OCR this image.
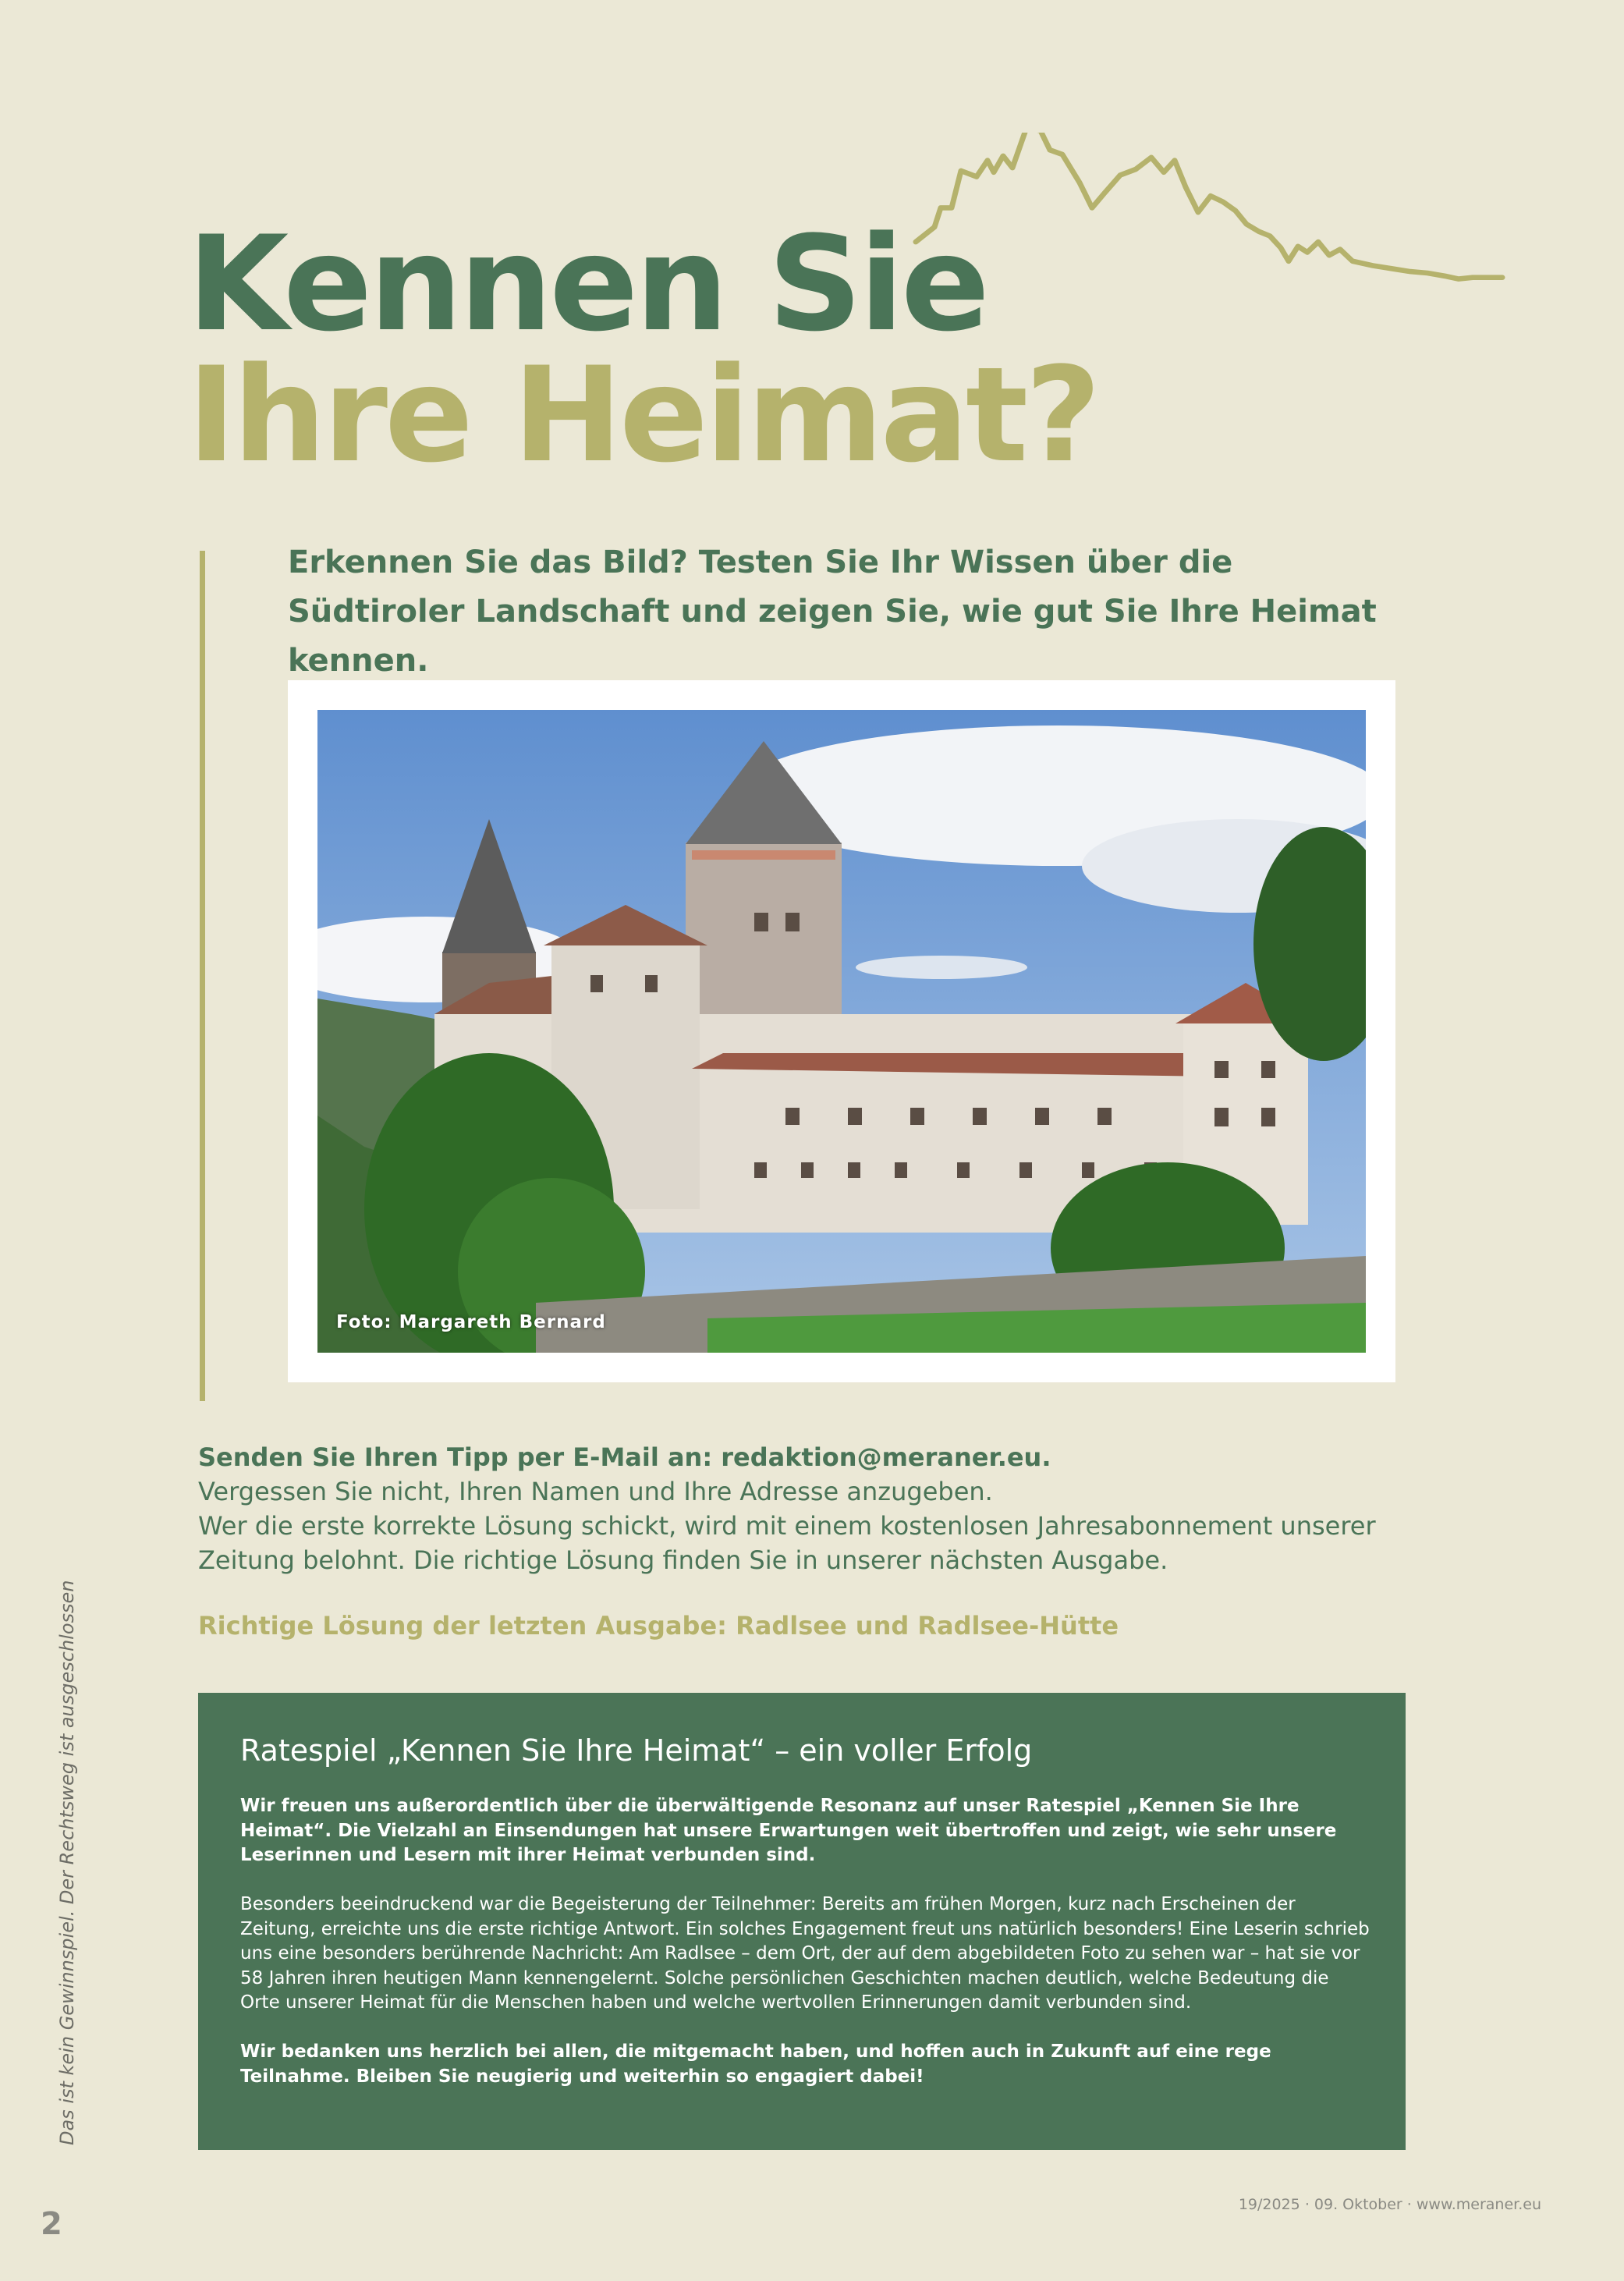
Kennen Sie
Ihre Heimat?

Erkennen Sie das Bild? Testen Sie Ihr Wissen über die Südtiroler Landschaft und zeigen Sie, wie gut Sie Ihre Heimat kennen.

Foto: Margareth Bernard

Senden Sie Ihren Tipp per E-Mail an: redaktion@meraner.eu.

Vergessen Sie nicht, Ihren Namen und Ihre Adresse anzugeben.

Wer die erste korrekte Lösung schickt, wird mit einem kostenlosen Jahresabonnement unserer Zeitung belohnt. Die richtige Lösung finden Sie in unserer nächsten Ausgabe.

Richtige Lösung der letzten Ausgabe: Radlsee und Radlsee-Hütte

Ratespiel „Kennen Sie Ihre Heimat“ – ein voller Erfolg

Wir freuen uns außerordentlich über die überwältigende Resonanz auf unser Ratespiel „Kennen Sie Ihre Heimat“. Die Vielzahl an Einsendungen hat unsere Erwartungen weit übertroffen und zeigt, wie sehr unsere Leserinnen und Lesern mit ihrer Heimat verbunden sind.

Besonders beeindruckend war die Begeisterung der Teilnehmer: Bereits am frühen Morgen, kurz nach Erscheinen der Zeitung, erreichte uns die erste richtige Antwort. Ein solches Engagement freut uns natürlich besonders! Eine Leserin schrieb uns eine besonders berührende Nachricht: Am Radlsee – dem Ort, der auf dem abgebildeten Foto zu sehen war – hat sie vor 58 Jahren ihren heutigen Mann kennengelernt. Solche persönlichen Geschichten machen deutlich, welche Bedeutung die Orte unserer Heimat für die Menschen haben und welche wertvollen Erinnerungen damit verbunden sind.

Wir bedanken uns herzlich bei allen, die mitgemacht haben, und hoffen auch in Zukunft auf eine rege Teilnahme. Bleiben Sie neugierig und weiterhin so engagiert dabei!

Das ist kein Gewinnspiel. Der Rechtsweg ist ausgeschlossen
2
19/2025 · 09. Oktober · www.meraner.eu
